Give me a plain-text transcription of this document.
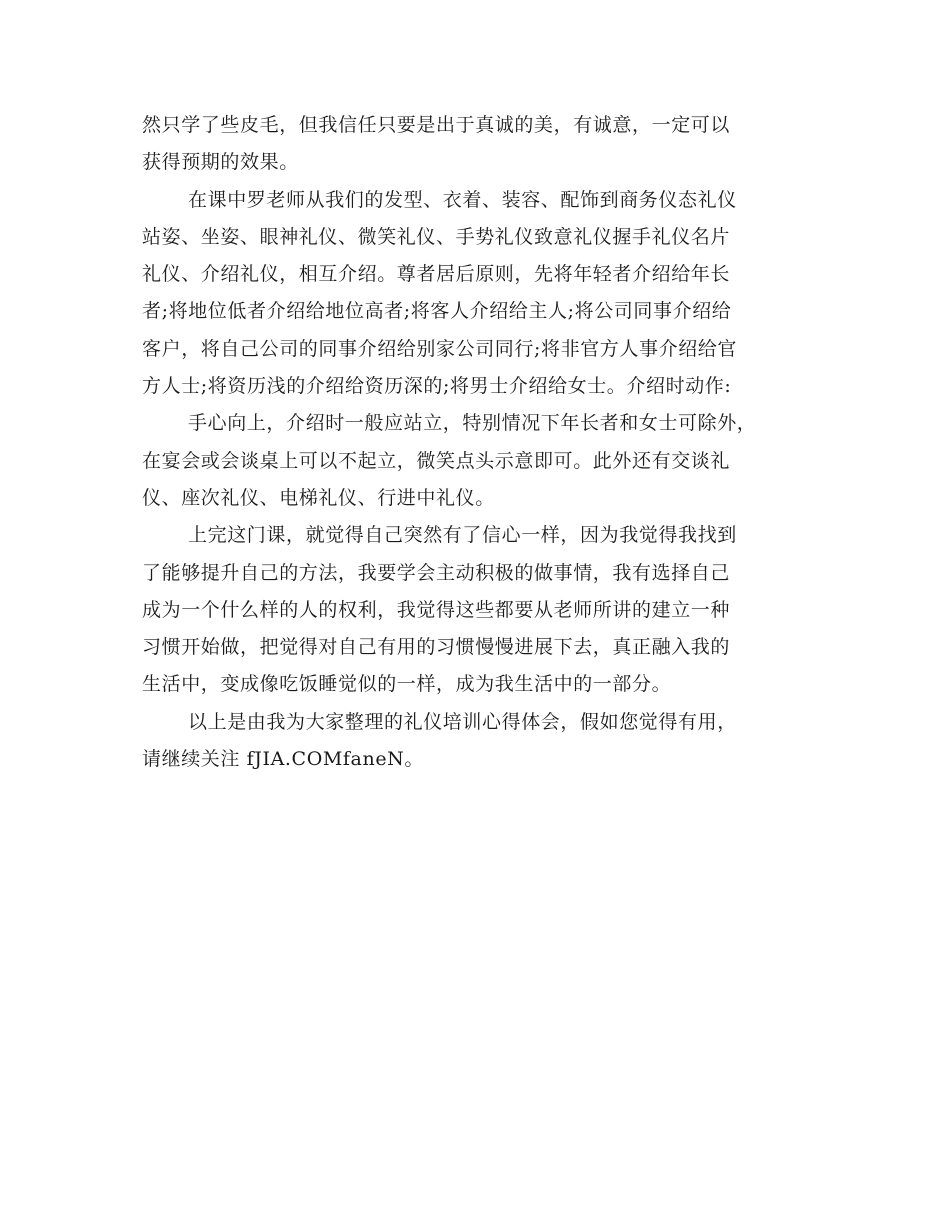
然只学了些皮毛，但我信任只要是出于真诚的美，有诚意，一定可以
获得预期的效果。
在课中罗老师从我们的发型、衣着、装容、配饰到商务仪态礼仪
站姿、坐姿、眼神礼仪、微笑礼仪、手势礼仪致意礼仪握手礼仪名片
礼仪、介绍礼仪，相互介绍。尊者居后原则，先将年轻者介绍给年长
者;将地位低者介绍给地位高者;将客人介绍给主人;将公司同事介绍给
客户，将自己公司的同事介绍给别家公司同行;将非官方人事介绍给官
方人士;将资历浅的介绍给资历深的;将男士介绍给女士。介绍时动作:
手心向上，介绍时一般应站立，特别情况下年长者和女士可除外，
在宴会或会谈桌上可以不起立，微笑点头示意即可。此外还有交谈礼
仪、座次礼仪、电梯礼仪、行进中礼仪。
上完这门课，就觉得自己突然有了信心一样，因为我觉得我找到
了能够提升自己的方法，我要学会主动积极的做事情，我有选择自己
成为一个什么样的人的权利，我觉得这些都要从老师所讲的建立一种
习惯开始做，把觉得对自己有用的习惯慢慢进展下去，真正融入我的
生活中，变成像吃饭睡觉似的一样，成为我生活中的一部分。
以上是由我为大家整理的礼仪培训心得体会，假如您觉得有用，
请继续关注 fJIA.COMfaneN。
